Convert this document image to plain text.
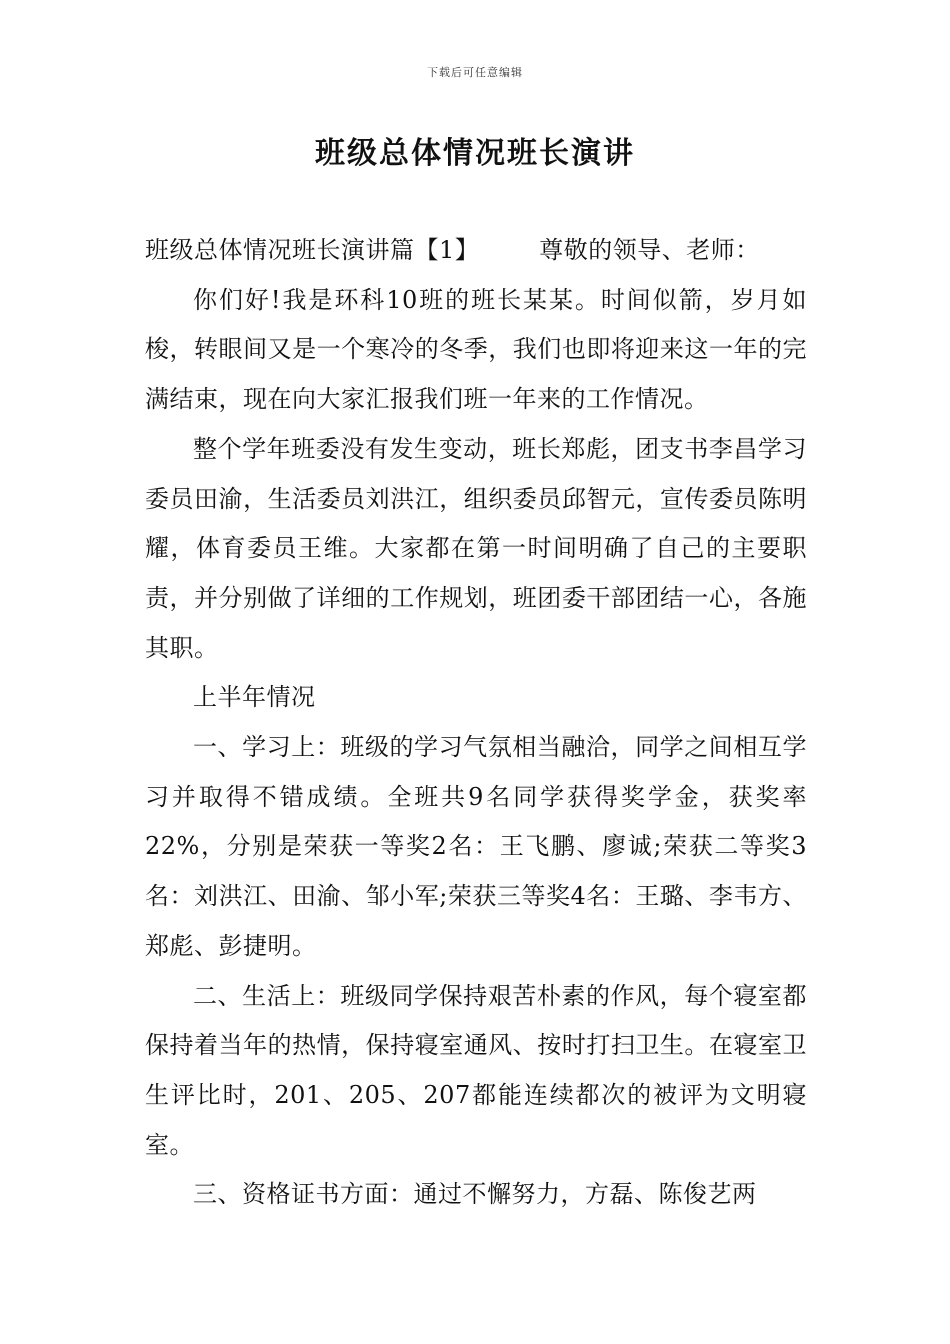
下载后可任意编辑
班级总体情况班长演讲

班级总体情况班长演讲篇【1】	尊敬的领导、老师：

你们好!我是环科10班的班长某某。时间似箭，岁月如梭，转眼间又是一个寒冷的冬季，我们也即将迎来这一年的完满结束，现在向大家汇报我们班一年来的工作情况。

整个学年班委没有发生变动，班长郑彪，团支书李昌学习委员田渝，生活委员刘洪江，组织委员邱智元，宣传委员陈明耀，体育委员王维。大家都在第一时间明确了自己的主要职责，并分别做了详细的工作规划，班团委干部团结一心，各施其职。

上半年情况

一、学习上：班级的学习气氛相当融洽，同学之间相互学习并取得不错成绩。全班共9名同学获得奖学金，获奖率22%，分别是荣获一等奖2名：王飞鹏、廖诚;荣获二等奖3名：刘洪江、田渝、邹小军;荣获三等奖4名：王璐、李韦方、郑彪、彭捷明。

二、生活上：班级同学保持艰苦朴素的作风，每个寝室都保持着当年的热情，保持寝室通风、按时打扫卫生。在寝室卫生评比时，201、205、207都能连续都次的被评为文明寝室。

三、资格证书方面：通过不懈努力，方磊、陈俊艺两
